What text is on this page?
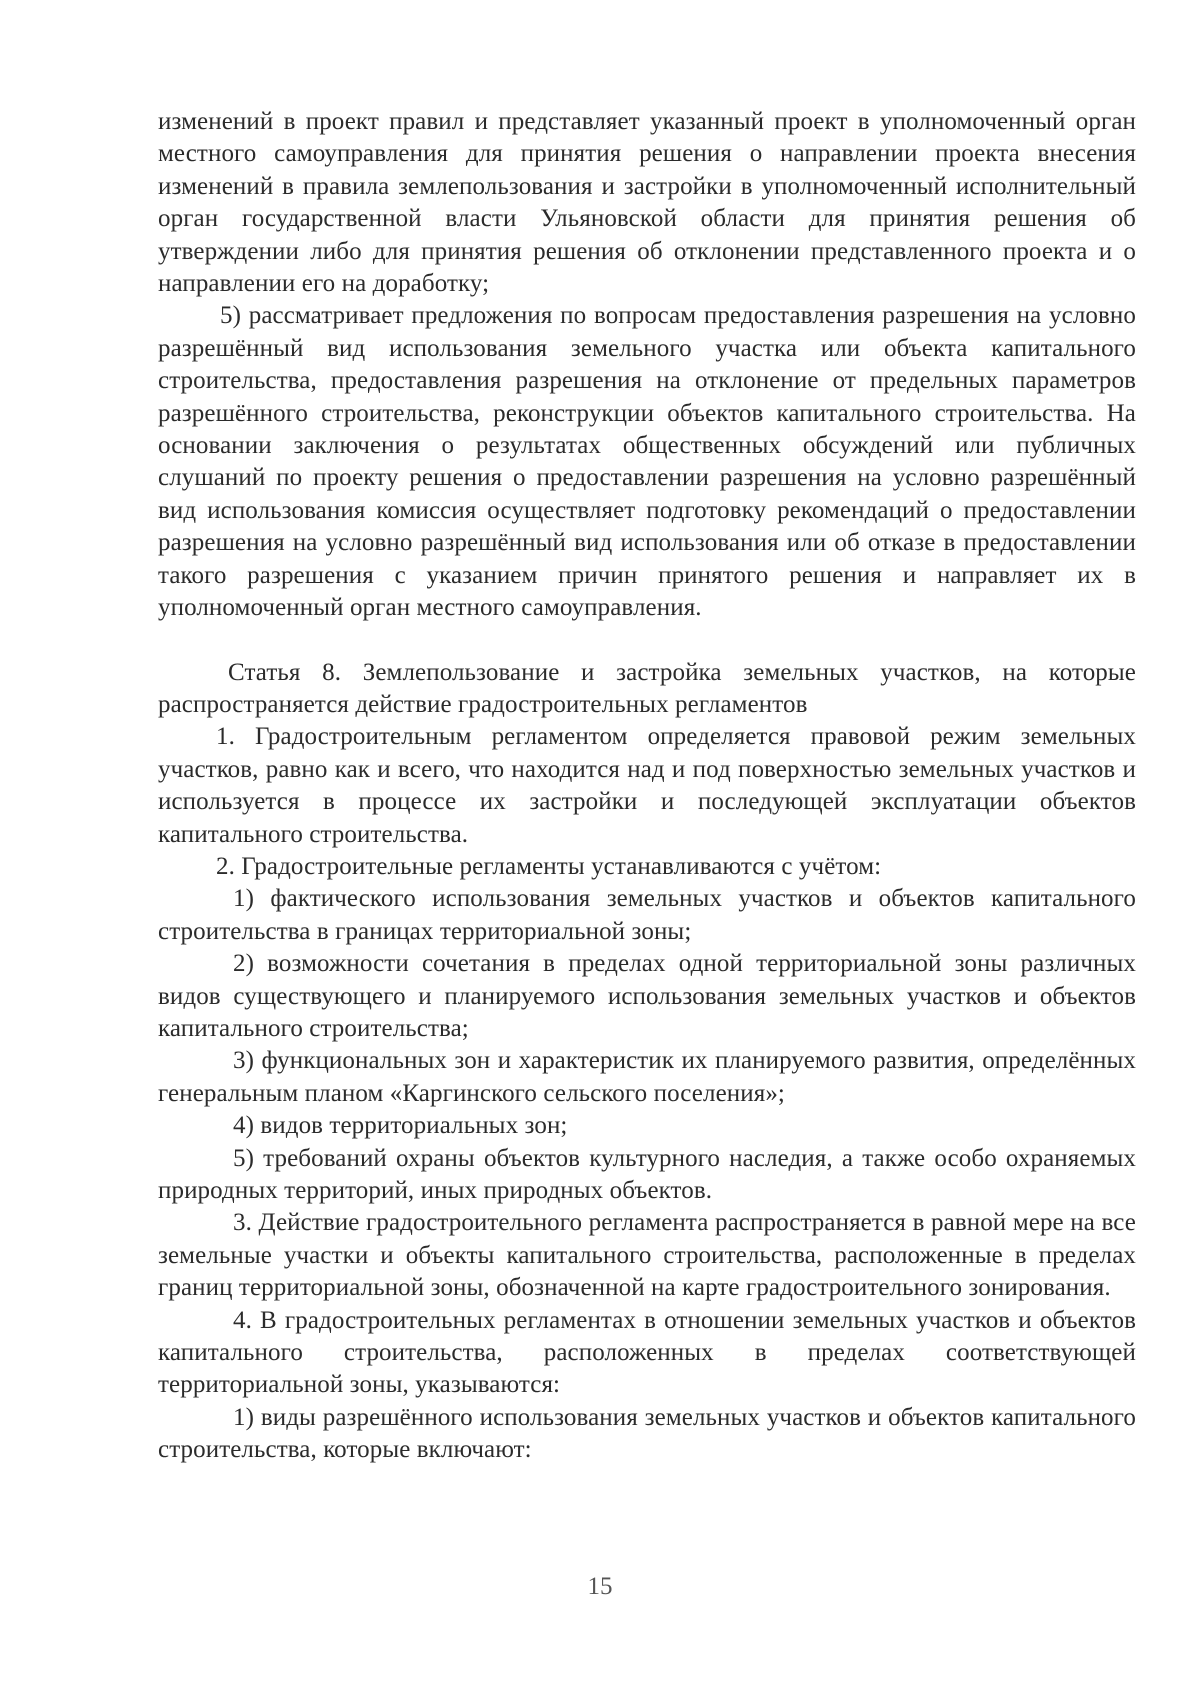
изменений в проект правил и представляет указанный проект в уполномоченный орган местного самоуправления для принятия решения о направлении проекта внесения изменений в правила землепользования и застройки в уполномоченный исполнительный орган государственной власти Ульяновской области для принятия решения об утверждении либо для принятия решения об отклонении представленного проекта и о направлении его на доработку;

5) рассматривает предложения по вопросам предоставления разрешения на условно разрешённый вид использования земельного участка или объекта капитального строительства, предоставления разрешения на отклонение от предельных параметров разрешённого строительства, реконструкции объектов капитального строительства. На основании заключения о результатах общественных обсуждений или публичных слушаний по проекту решения о предоставлении разрешения на условно разрешённый вид использования комиссия осуществляет подготовку рекомендаций о предоставлении разрешения на условно разрешённый вид использования или об отказе в предоставлении такого разрешения с указанием причин принятого решения и направляет их в уполномоченный орган местного самоуправления.

Статья 8. Землепользование и застройка земельных участков, на которые распространяется действие градостроительных регламентов

1. Градостроительным регламентом определяется правовой режим земельных участков, равно как и всего, что находится над и под поверхностью земельных участков и используется в процессе их застройки и последующей эксплуатации объектов капитального строительства.

2. Градостроительные регламенты устанавливаются с учётом:

1) фактического использования земельных участков и объектов капитального строительства в границах территориальной зоны;

2) возможности сочетания в пределах одной территориальной зоны различных видов существующего и планируемого использования земельных участков и объектов капитального строительства;

3) функциональных зон и характеристик их планируемого развития, определённых генеральным планом «Каргинского сельского поселения»;

4) видов территориальных зон;

5) требований охраны объектов культурного наследия, а также особо охраняемых природных территорий, иных природных объектов.

3. Действие градостроительного регламента распространяется в равной мере на все земельные участки и объекты капитального строительства, расположенные в пределах границ территориальной зоны, обозначенной на карте градостроительного зонирования.

4. В градостроительных регламентах в отношении земельных участков и объектов капитального строительства, расположенных в пределах соответствующей территориальной зоны, указываются:

1) виды разрешённого использования земельных участков и объектов капитального строительства, которые включают:

15
